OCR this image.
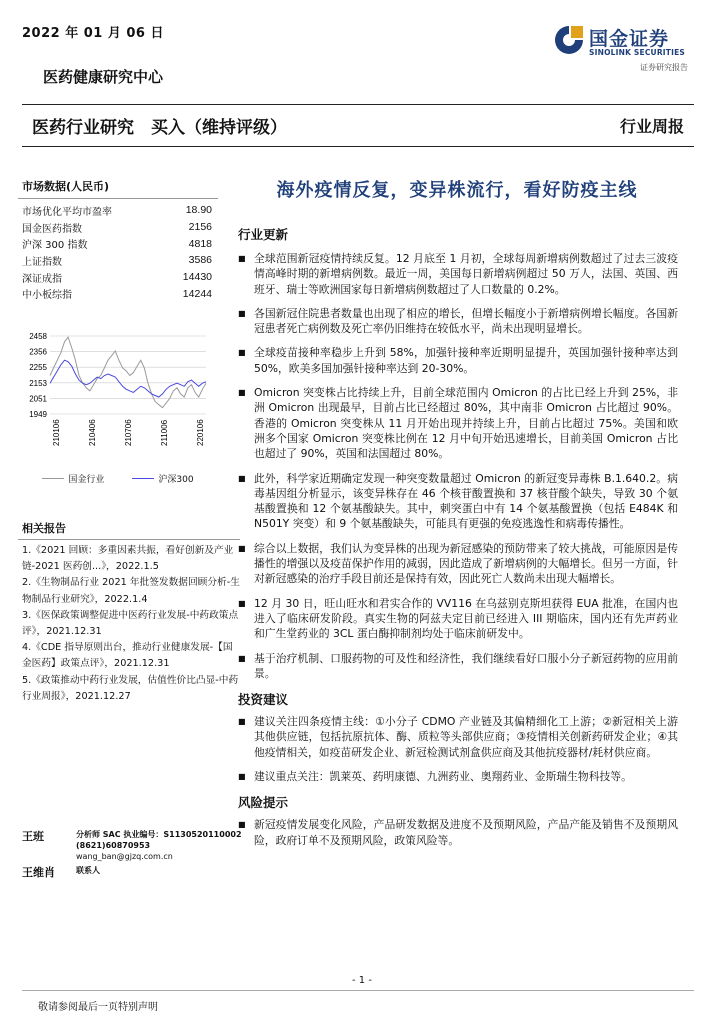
2022 年 01 月 06 日	国金证券
SINOLINK SECURITIES
证券研究报告
医药健康研究中心
医药行业研究　买入（维持评级）	行业周报
市场数据(人民币)
市场优化平均市盈率	18.90
国金医药指数	2156
沪深 300 指数	4818
上证指数	3586
深证成指	14430
中小板综指	14244
2458
2356
2255
2153
2051
1949
210106	210406	210706	211006	220106
国金行业	沪深300
相关报告
1.《2021 回顾：多重因素共振，看好创新及产业链-2021 医药创...》，2022.1.5
2.《生物制品行业 2021 年批签发数据回顾分析-生物制品行业研究》，2022.1.4
3.《医保政策调整促进中医药行业发展-中药政策点评》，2021.12.31
4.《CDE 指导原则出台，推动行业健康发展-【国金医药】政策点评》，2021.12.31
5.《政策推动中药行业发展，估值性价比凸显-中药行业周报》，2021.12.27
王班	分析师 SAC 执业编号：S1130520110002
(8621)60870953
wang_ban@gjzq.com.cn
王维肖	联系人
海外疫情反复，变异株流行，看好防疫主线
行业更新
■ 全球范围新冠疫情持续反复。12 月底至 1 月初，全球每周新增病例数超过了过去三波疫情高峰时期的新增病例数。最近一周，美国每日新增病例超过 50 万人，法国、英国、西班牙、瑞士等欧洲国家每日新增病例数超过了人口数量的 0.2%。
■ 各国新冠住院患者数量也出现了相应的增长，但增长幅度小于新增病例增长幅度。各国新冠患者死亡病例数及死亡率仍旧维持在较低水平，尚未出现明显增长。
■ 全球疫苗接种率稳步上升到 58%，加强针接种率近期明显提升，英国加强针接种率达到 50%，欧美多国加强针接种率达到 20-30%。
■ Omicron 突变株占比持续上升，目前全球范围内 Omicron 的占比已经上升到 25%，非洲 Omicron 出现最早，目前占比已经超过 80%，其中南非 Omicron 占比超过 90%。香港的 Omicron 突变株从 11 月开始出现并持续上升，目前占比超过 75%。美国和欧洲多个国家 Omicron 突变株比例在 12 月中旬开始迅速增长，目前美国 Omicron 占比也超过了 90%，英国和法国超过 80%。
■ 此外，科学家近期确定发现一种突变数量超过 Omicron 的新冠变异毒株 B.1.640.2。病毒基因组分析显示，该变异株存在 46 个核苷酸置换和 37 核苷酸个缺失，导致 30 个氨基酸置换和 12 个氨基酸缺失。其中，刺突蛋白中有 14 个氨基酸置换（包括 E484K 和 N501Y 突变）和 9 个氨基酸缺失，可能具有更强的免疫逃逸性和病毒传播性。
■ 综合以上数据，我们认为变异株的出现为新冠感染的预防带来了较大挑战，可能原因是传播性的增强以及疫苗保护作用的减弱，因此造成了新增病例的大幅增长。但另一方面，针对新冠感染的治疗手段目前还是保持有效，因此死亡人数尚未出现大幅增长。
■ 12 月 30 日，旺山旺水和君实合作的 VV116 在乌兹别克斯坦获得 EUA 批准，在国内也进入了临床研发阶段。真实生物的阿兹夫定目前已经进入 III 期临床，国内还有先声药业和广生堂药业的 3CL 蛋白酶抑制剂均处于临床前研发中。
■ 基于治疗机制、口服药物的可及性和经济性，我们继续看好口服小分子新冠药物的应用前景。
投资建议
■ 建议关注四条疫情主线：①小分子 CDMO 产业链及其偏精细化工上游；②新冠相关上游其他供应链，包括抗原抗体、酶、质粒等头部供应商；③疫情相关创新药研发企业；④其他疫情相关，如疫苗研发企业、新冠检测试剂盒供应商及其他抗疫器材/耗材供应商。
■ 建议重点关注：凯莱英、药明康德、九洲药业、奥翔药业、金斯瑞生物科技等。
风险提示
■ 新冠疫情发展变化风险，产品研发数据及进度不及预期风险，产品产能及销售不及预期风险，政府订单不及预期风险，政策风险等。
- 1 -
敬请参阅最后一页特别声明
